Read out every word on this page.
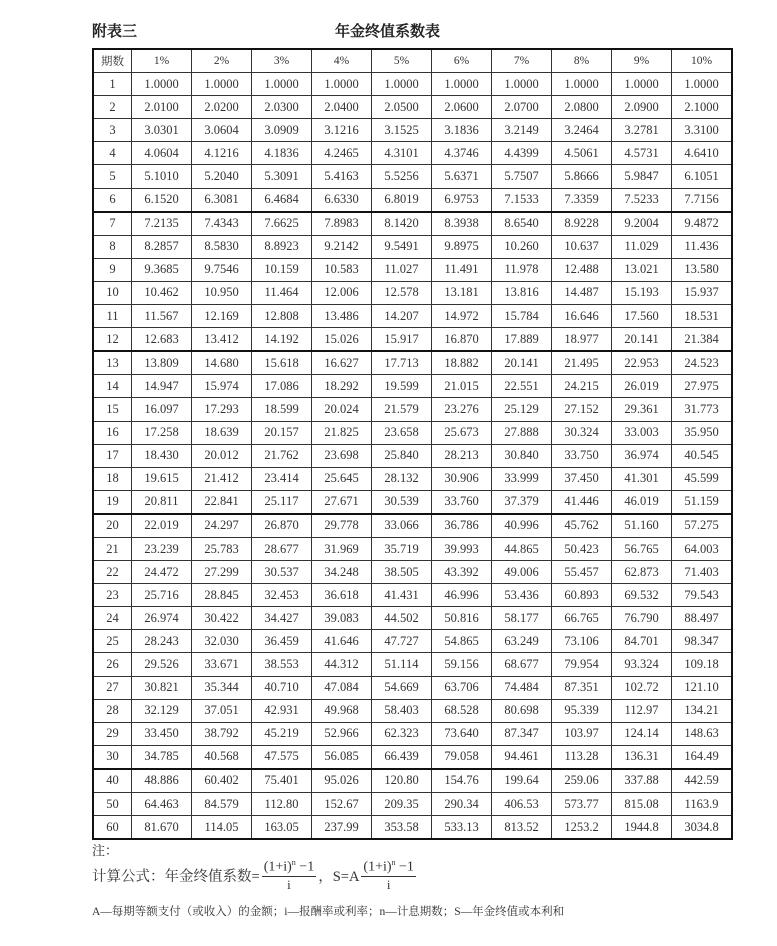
附表三	年金终值系数表
期数	1%	2%	3%	4%	5%	6%	7%	8%	9%	10%
1	1.0000	1.0000	1.0000	1.0000	1.0000	1.0000	1.0000	1.0000	1.0000	1.0000
2	2.0100	2.0200	2.0300	2.0400	2.0500	2.0600	2.0700	2.0800	2.0900	2.1000
3	3.0301	3.0604	3.0909	3.1216	3.1525	3.1836	3.2149	3.2464	3.2781	3.3100
4	4.0604	4.1216	4.1836	4.2465	4.3101	4.3746	4.4399	4.5061	4.5731	4.6410
5	5.1010	5.2040	5.3091	5.4163	5.5256	5.6371	5.7507	5.8666	5.9847	6.1051
6	6.1520	6.3081	6.4684	6.6330	6.8019	6.9753	7.1533	7.3359	7.5233	7.7156
7	7.2135	7.4343	7.6625	7.8983	8.1420	8.3938	8.6540	8.9228	9.2004	9.4872
8	8.2857	8.5830	8.8923	9.2142	9.5491	9.8975	10.260	10.637	11.029	11.436
9	9.3685	9.7546	10.159	10.583	11.027	11.491	11.978	12.488	13.021	13.580
10	10.462	10.950	11.464	12.006	12.578	13.181	13.816	14.487	15.193	15.937
11	11.567	12.169	12.808	13.486	14.207	14.972	15.784	16.646	17.560	18.531
12	12.683	13.412	14.192	15.026	15.917	16.870	17.889	18.977	20.141	21.384
13	13.809	14.680	15.618	16.627	17.713	18.882	20.141	21.495	22.953	24.523
14	14.947	15.974	17.086	18.292	19.599	21.015	22.551	24.215	26.019	27.975
15	16.097	17.293	18.599	20.024	21.579	23.276	25.129	27.152	29.361	31.773
16	17.258	18.639	20.157	21.825	23.658	25.673	27.888	30.324	33.003	35.950
17	18.430	20.012	21.762	23.698	25.840	28.213	30.840	33.750	36.974	40.545
18	19.615	21.412	23.414	25.645	28.132	30.906	33.999	37.450	41.301	45.599
19	20.811	22.841	25.117	27.671	30.539	33.760	37.379	41.446	46.019	51.159
20	22.019	24.297	26.870	29.778	33.066	36.786	40.996	45.762	51.160	57.275
21	23.239	25.783	28.677	31.969	35.719	39.993	44.865	50.423	56.765	64.003
22	24.472	27.299	30.537	34.248	38.505	43.392	49.006	55.457	62.873	71.403
23	25.716	28.845	32.453	36.618	41.431	46.996	53.436	60.893	69.532	79.543
24	26.974	30.422	34.427	39.083	44.502	50.816	58.177	66.765	76.790	88.497
25	28.243	32.030	36.459	41.646	47.727	54.865	63.249	73.106	84.701	98.347
26	29.526	33.671	38.553	44.312	51.114	59.156	68.677	79.954	93.324	109.18
27	30.821	35.344	40.710	47.084	54.669	63.706	74.484	87.351	102.72	121.10
28	32.129	37.051	42.931	49.968	58.403	68.528	80.698	95.339	112.97	134.21
29	33.450	38.792	45.219	52.966	62.323	73.640	87.347	103.97	124.14	148.63
30	34.785	40.568	47.575	56.085	66.439	79.058	94.461	113.28	136.31	164.49
40	48.886	60.402	75.401	95.026	120.80	154.76	199.64	259.06	337.88	442.59
50	64.463	84.579	112.80	152.67	209.35	290.34	406.53	573.77	815.08	1163.9
60	81.670	114.05	163.05	237.99	353.58	533.13	813.52	1253.2	1944.8	3034.8
注：
计算公式：年金终值系数= $\frac{(1+i)^n -1}{i}$ ，$S=A \frac{(1+i)^n -1}{i}$
A—每期等额支付（或收入）的金额；i—报酬率或利率；n—计息期数；S—年金终值或本利和
